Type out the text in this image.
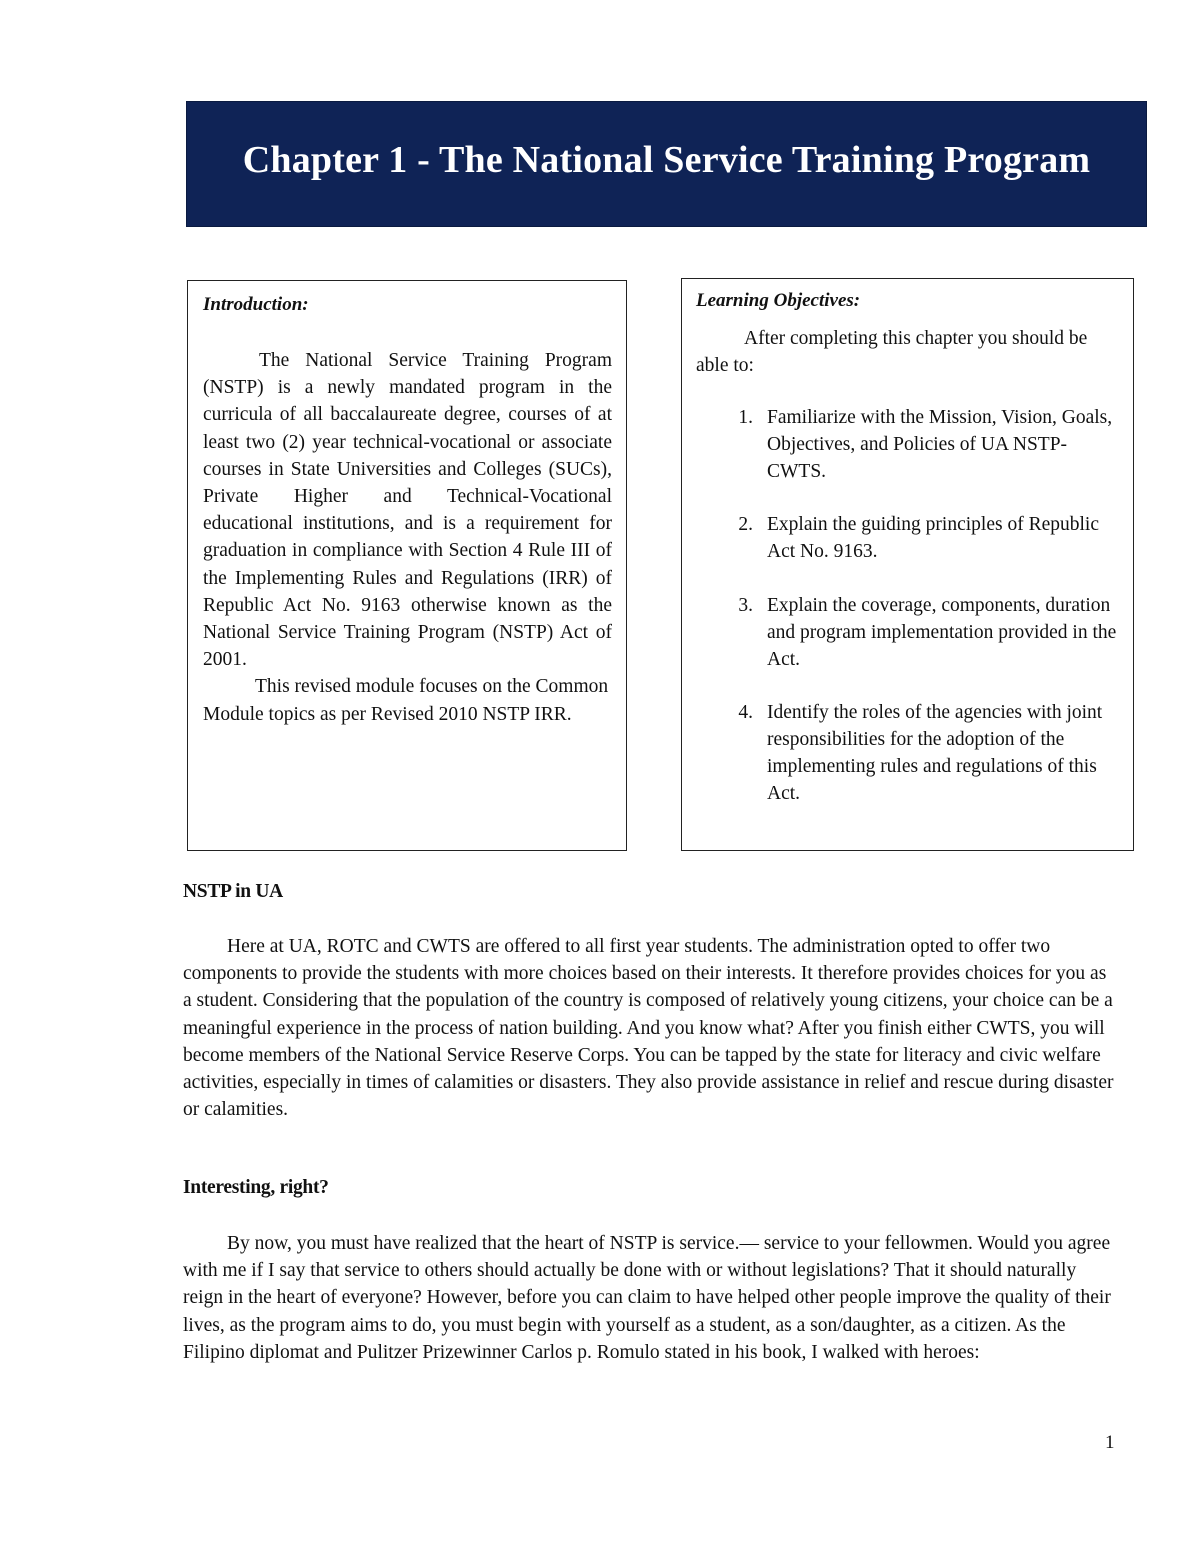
Chapter 1 - The National Service Training Program

Introduction:

The National Service Training Program (NSTP) is a newly mandated program in the curricula of all baccalaureate degree, courses of at least two (2) year technical-vocational or associate courses in State Universities and Colleges (SUCs), Private Higher and Technical-Vocational educational institutions, and is a requirement for graduation in compliance with Section 4 Rule III of the Implementing Rules and Regulations (IRR) of Republic Act No. 9163 otherwise known as the National Service Training Program (NSTP) Act of 2001.

This revised module focuses on the Common Module topics as per Revised 2010 NSTP IRR.

Learning Objectives:

After completing this chapter you should be able to:

1. Familiarize with the Mission, Vision, Goals, Objectives, and Policies of UA NSTP-CWTS.
2. Explain the guiding principles of Republic Act No. 9163.
3. Explain the coverage, components, duration and program implementation provided in the Act.
4. Identify the roles of the agencies with joint responsibilities for the adoption of the implementing rules and regulations of this Act.

NSTP in UA

Here at UA, ROTC and CWTS are offered to all first year students. The administration opted to offer two components to provide the students with more choices based on their interests. It therefore provides choices for you as a student. Considering that the population of the country is composed of relatively young citizens, your choice can be a meaningful experience in the process of nation building. And you know what? After you finish either CWTS, you will become members of the National Service Reserve Corps. You can be tapped by the state for literacy and civic welfare activities, especially in times of calamities or disasters. They also provide assistance in relief and rescue during disaster or calamities.

Interesting, right?

By now, you must have realized that the heart of NSTP is service.— service to your fellowmen. Would you agree with me if I say that service to others should actually be done with or without legislations? That it should naturally reign in the heart of everyone? However, before you can claim to have helped other people improve the quality of their lives, as the program aims to do, you must begin with yourself as a student, as a son/daughter, as a citizen. As the Filipino diplomat and Pulitzer Prizewinner Carlos p. Romulo stated in his book, I walked with heroes:

1
